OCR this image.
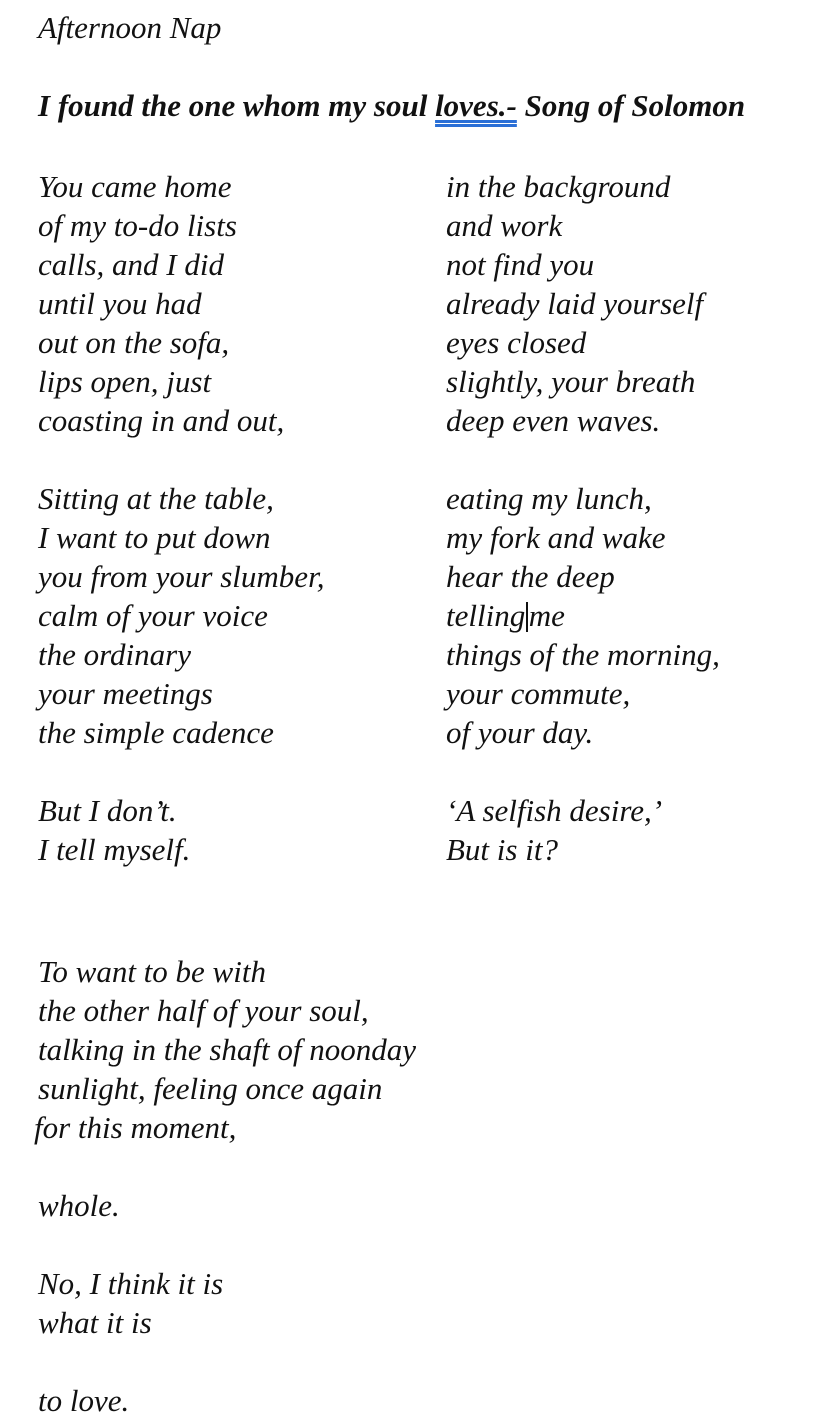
Afternoon Nap
I found the one whom my soul loves.- Song of Solomon
You came home
of my to-do lists
calls, and I did
until you had
out on the sofa,
lips open, just
coasting in and out,
Sitting at the table,
I want to put down
you from your slumber,
calm of your voice
the ordinary
your meetings
the simple cadence
But I don’t.
I tell myself.
in the background
and work
not find you
already laid yourself
eyes closed
slightly, your breath
deep even waves.
eating my lunch,
my fork and wake
hear the deep
telling me
things of the morning,
your commute,
of your day.
‘A selfish desire,’
But is it?
To want to be with
the other half of your soul,
talking in the shaft of noonday
sunlight, feeling once again
for this moment,
whole.
No, I think it is
what it is
to love.
